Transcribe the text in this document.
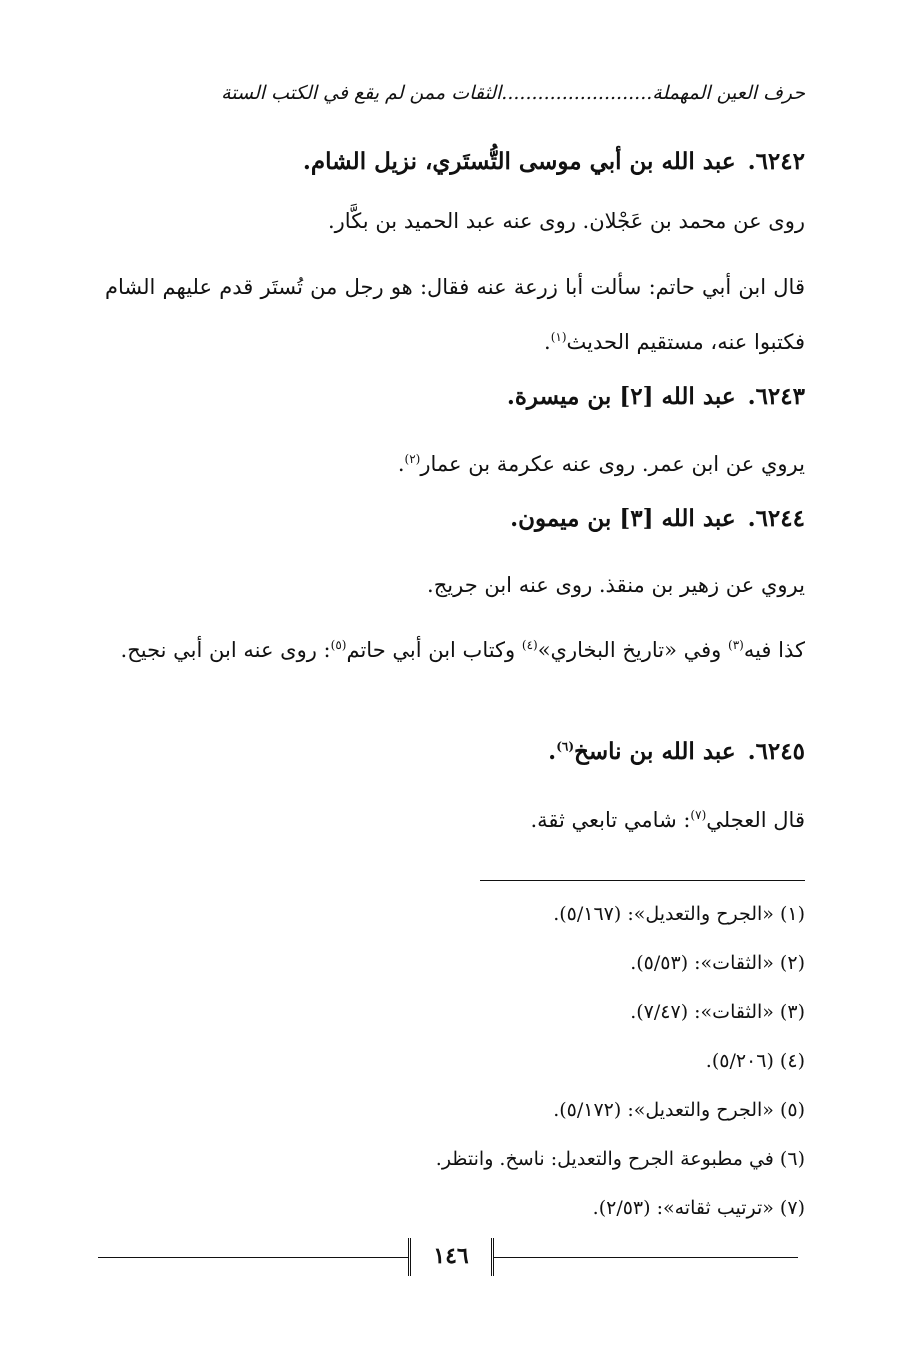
حرف العين المهملة.........................الثقات ممن لم يقع في الكتب الستة
٦٢٤٢.عبد الله بن أبي موسى التُّستَري، نزيل الشام.
روى عن محمد بن عَجْلان. روى عنه عبد الحميد بن بكَّار.
قال ابن أبي حاتم: سألت أبا زرعة عنه فقال: هو رجل من تُستَر قدم عليهم الشام فكتبوا عنه، مستقيم الحديث$^{(١)}$.
٦٢٤٣.عبد الله [٢] بن ميسرة.
يروي عن ابن عمر. روى عنه عكرمة بن عمار$^{(٢)}$.
٦٢٤٤.عبد الله [٣] بن ميمون.
يروي عن زهير بن منقذ. روى عنه ابن جريج.
كذا فيه$^{(٣)}$ وفي «تاريخ البخاري»$^{(٤)}$ وكتاب ابن أبي حاتم$^{(٥)}$: روى عنه ابن أبي نجيح.
٦٢٤٥.عبد الله بن ناسخ$^{(٦)}$.
قال العجلي$^{(٧)}$: شامي تابعي ثقة.
(١) «الجرح والتعديل»: (٥/١٦٧).
(٢) «الثقات»: (٥/٥٣).
(٣) «الثقات»: (٧/٤٧).
(٤) (٥/٢٠٦).
(٥) «الجرح والتعديل»: (٥/١٧٢).
(٦) في مطبوعة الجرح والتعديل: ناسخ. وانتظر.
(٧) «ترتيب ثقاته»: (٢/٥٣).
١٤٦
